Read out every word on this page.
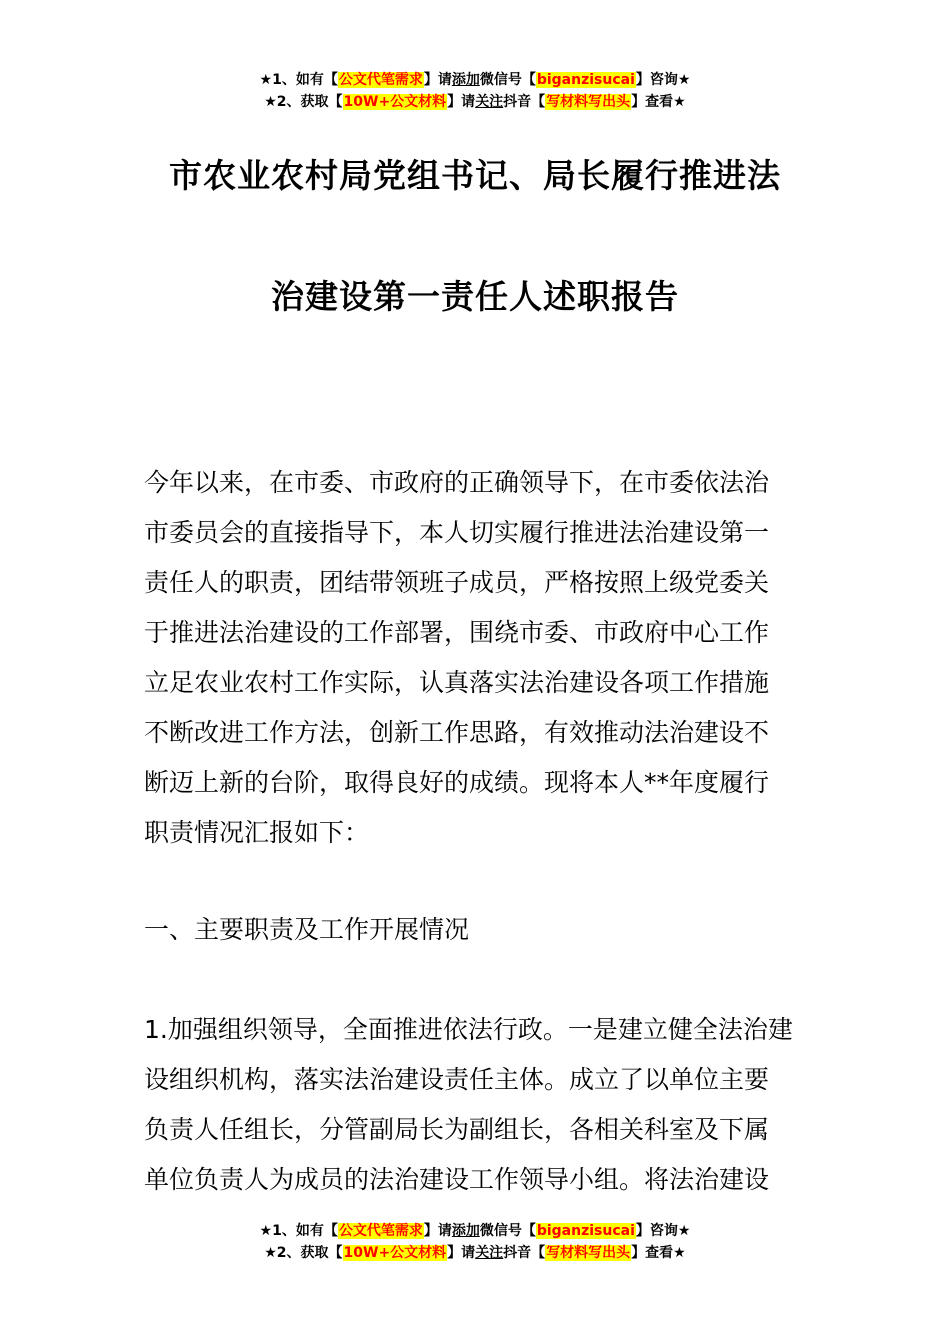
★1、如有【公文代笔需求】请添加微信号【biganzisucai】咨询★
★2、获取【10W+公文材料】请关注抖音【写材料写出头】查看★
市农业农村局党组书记、局长履行推进法
治建设第一责任人述职报告

今年以来，在市委、市政府的正确领导下，在市委依法治

市委员会的直接指导下，本人切实履行推进法治建设第一

责任人的职责，团结带领班子成员，严格按照上级党委关

于推进法治建设的工作部署，围绕市委、市政府中心工作

立足农业农村工作实际，认真落实法治建设各项工作措施

不断改进工作方法，创新工作思路，有效推动法治建设不

断迈上新的台阶，取得良好的成绩。现将本人**年度履行

职责情况汇报如下：

一、主要职责及工作开展情况

1.加强组织领导，全面推进依法行政。一是建立健全法治建

设组织机构，落实法治建设责任主体。成立了以单位主要

负责人任组长，分管副局长为副组长，各相关科室及下属

单位负责人为成员的法治建设工作领导小组。将法治建设

★1、如有【公文代笔需求】请添加微信号【biganzisucai】咨询★
★2、获取【10W+公文材料】请关注抖音【写材料写出头】查看★
